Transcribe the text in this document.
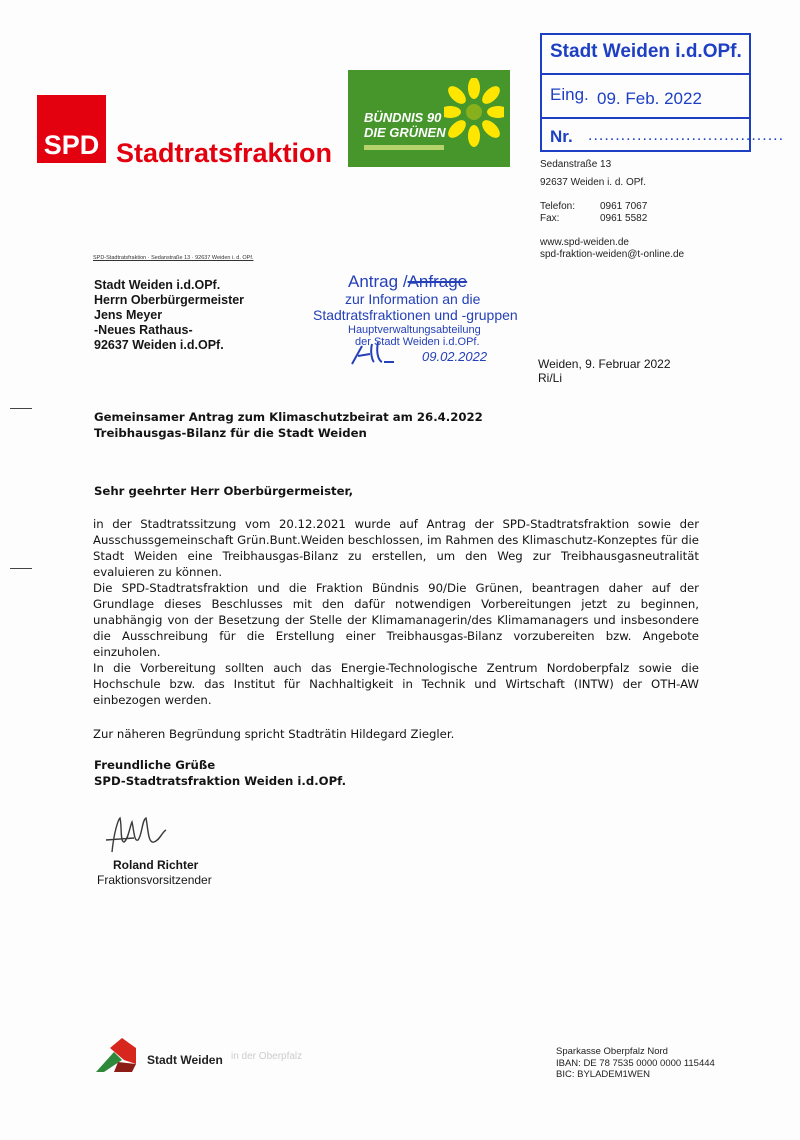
SPD Stadtratsfraktion
BÜNDNIS 90
DIE GRÜNEN
Stadt Weiden i.d.OPf.
Eing. 09. Feb. 2022
Nr. ....................................
Sedanstraße 13
92637 Weiden i. d. OPf.
Telefon: 0961 7067
Fax:	0961 5582
www.spd-weiden.de
spd-fraktion-weiden@t-online.de
SPD-Stadtratsfraktion · Sedanstraße 13 · 92637 Weiden i. d. OPf.
Stadt Weiden i.d.OPf.
Herrn Oberbürgermeister
Jens Meyer
-Neues Rathaus-
92637 Weiden i.d.OPf.
Antrag /Anfrage
zur Information an die
Stadtratsfraktionen und -gruppen
Hauptverwaltungsabteilung
der Stadt Weiden i.d.OPf.
09.02.2022	Weiden, 9. Februar 2022
Ri/Li
Gemeinsamer Antrag zum Klimaschutzbeirat am 26.4.2022
Treibhausgas-Bilanz für die Stadt Weiden
Sehr geehrter Herr Oberbürgermeister,

in der Stadtratssitzung vom 20.12.2021 wurde auf Antrag der SPD-Stadtratsfraktion sowie der Ausschussgemeinschaft Grün.Bunt.Weiden beschlossen, im Rahmen des Klimaschutz-Konzeptes für die Stadt Weiden eine Treibhausgas-Bilanz zu erstellen, um den Weg zur Treibhausgasneutralität evaluieren zu können.

Die SPD-Stadtratsfraktion und die Fraktion Bündnis 90/Die Grünen, beantragen daher auf der Grundlage dieses Beschlusses mit den dafür notwendigen Vorbereitungen jetzt zu beginnen, unabhängig von der Besetzung der Stelle der Klimamanagerin/des Klimamanagers und insbesondere die Ausschreibung für die Erstellung einer Treibhausgas-Bilanz vorzubereiten bzw. Angebote einzuholen.

In die Vorbereitung sollten auch das Energie-Technologische Zentrum Nordoberpfalz sowie die Hochschule bzw. das Institut für Nachhaltigkeit in Technik und Wirtschaft (INTW) der OTH-AW einbezogen werden.

Zur näheren Begründung spricht Stadträtin Hildegard Ziegler.
Freundliche Grüße
SPD-Stadtratsfraktion Weiden i.d.OPf.
Roland Richter
Fraktionsvorsitzender
Stadt Weiden in der Oberpfalz	Sparkasse Oberpfalz Nord
IBAN: DE 78 7535 0000 0000 115444
BIC: BYLADEM1WEN
